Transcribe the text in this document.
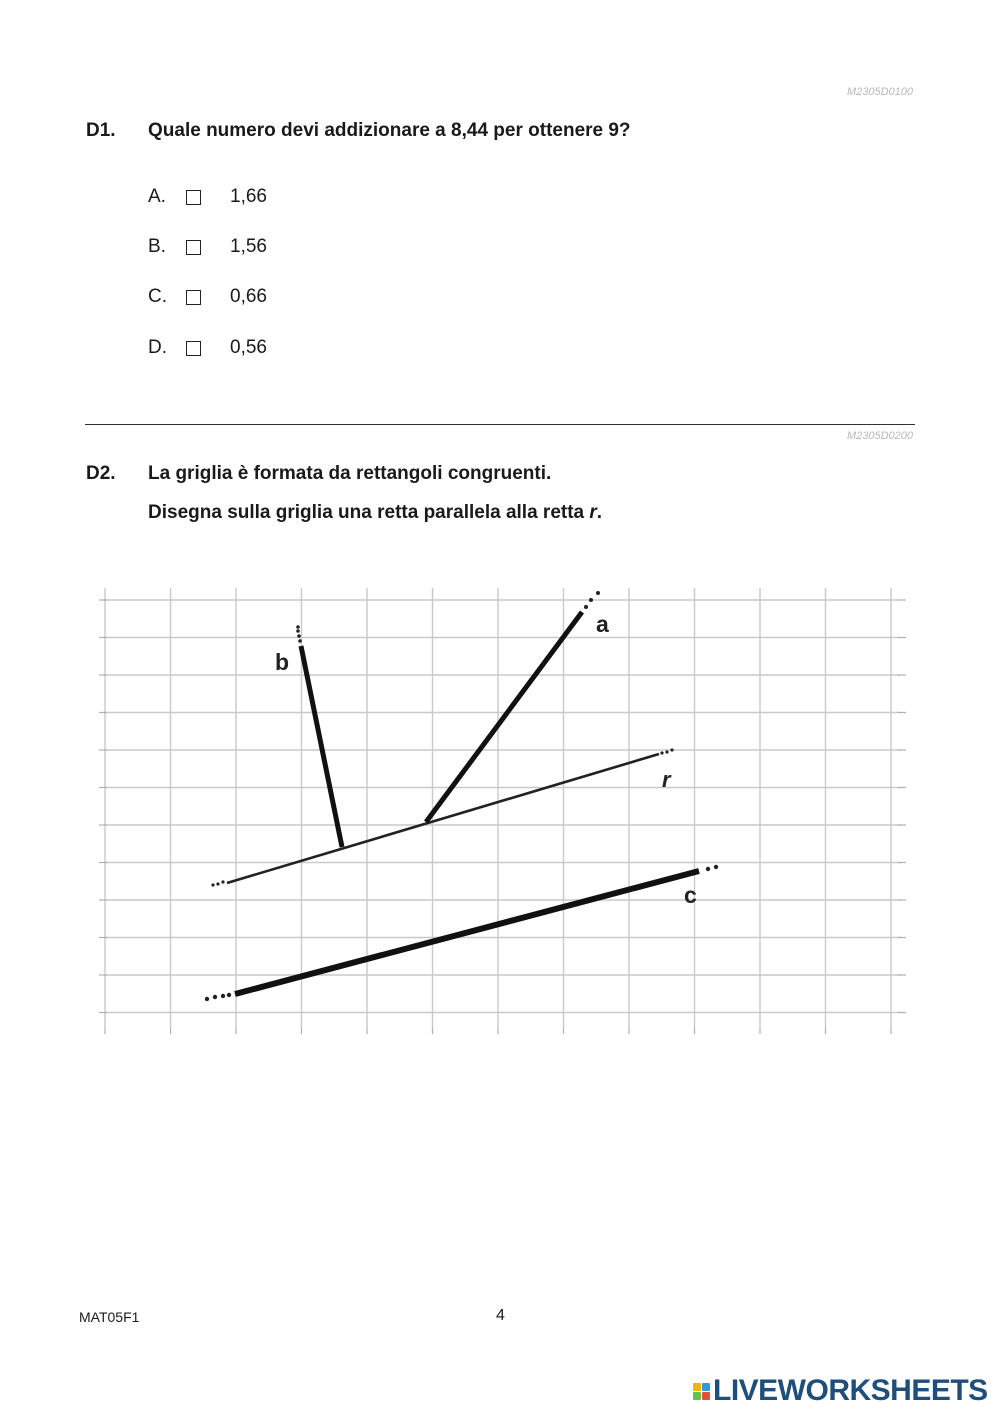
M2305D0100
D1. Quale numero devi addizionare a 8,44 per ottenere 9?
A.	1,66
B.	1,56
C.	0,66
D.	0,56
M2305D0200
D2. La griglia è formata da rettangoli congruenti.
Disegna sulla griglia una retta parallela alla retta r.
a
b
r
c
MAT05F1	4
LIVEWORKSHEETS
